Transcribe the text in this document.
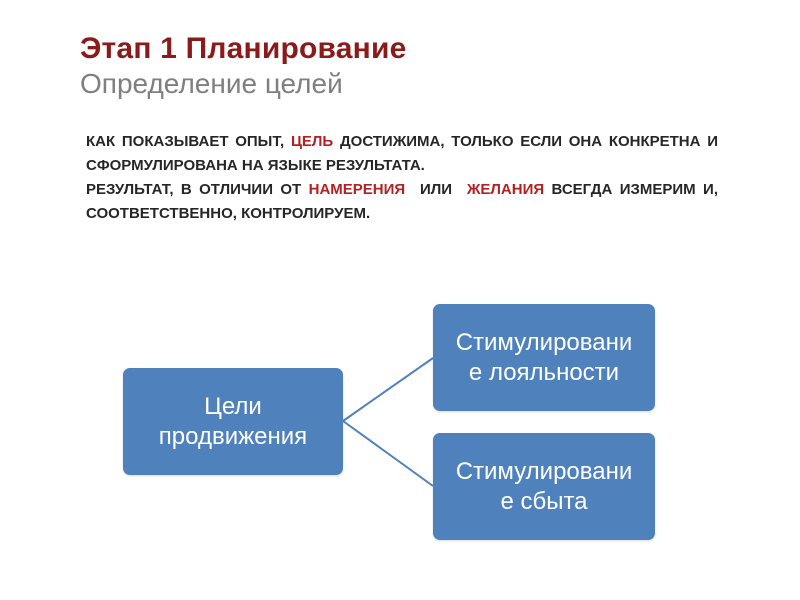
Этап 1 Планирование
Определение целей

КАК ПОКАЗЫВАЕТ ОПЫТ, ЦЕЛЬ ДОСТИЖИМА, ТОЛЬКО ЕСЛИ ОНА КОНКРЕТНА И СФОРМУЛИРОВАНА НА ЯЗЫКЕ РЕЗУЛЬТАТА.

РЕЗУЛЬТАТ, В ОТЛИЧИИ ОТ НАМЕРЕНИЯ  ИЛИ  ЖЕЛАНИЯ ВСЕГДА ИЗМЕРИМ И, СООТВЕТСТВЕННО, КОНТРОЛИРУЕМ.

Цели
продвижения
Стимулировани
е лояльности
Стимулировани
е сбыта
